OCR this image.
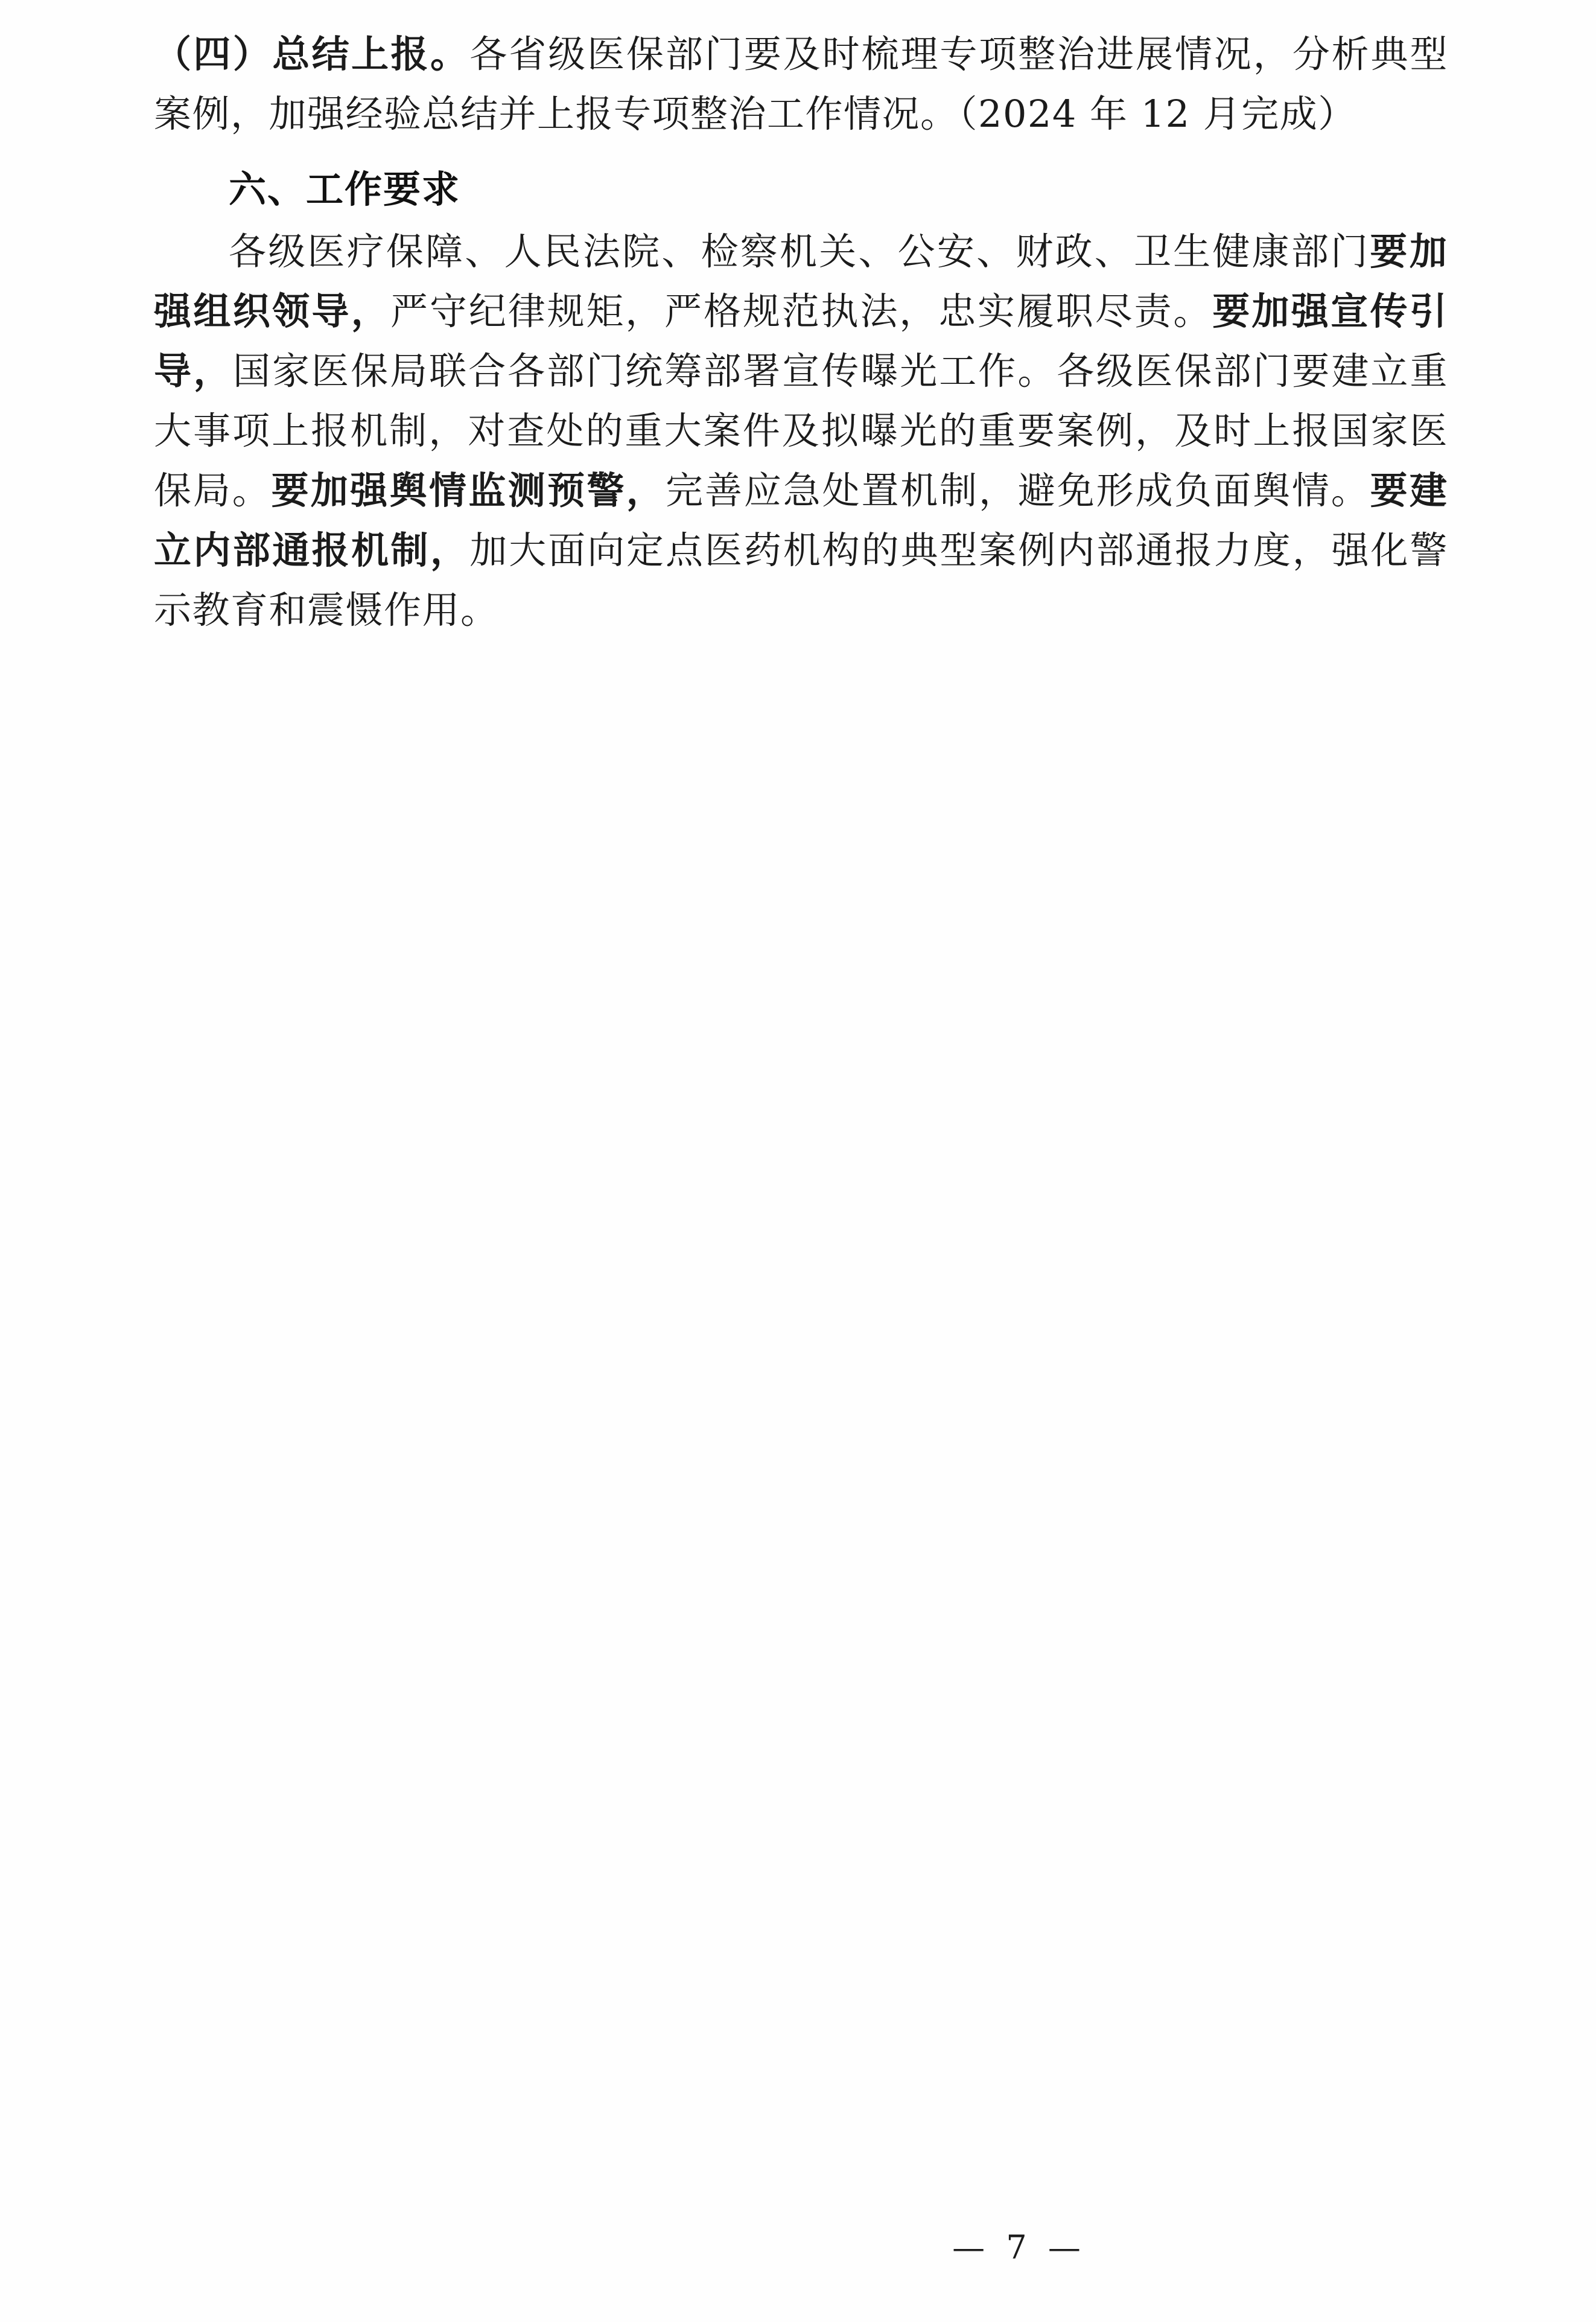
（四）总结上报。各省级医保部门要及时梳理专项整治进展情况，分析典型案例，加强经验总结并上报专项整治工作情况。（2024 年 12 月完成）

六、工作要求

各级医疗保障、人民法院、检察机关、公安、财政、卫生健康部门要加强组织领导，严守纪律规矩，严格规范执法，忠实履职尽责。要加强宣传引导，国家医保局联合各部门统筹部署宣传曝光工作。各级医保部门要建立重大事项上报机制，对查处的重大案件及拟曝光的重要案例，及时上报国家医保局。要加强舆情监测预警，完善应急处置机制，避免形成负面舆情。要建立内部通报机制，加大面向定点医药机构的典型案例内部通报力度，强化警示教育和震慑作用。

— 7 —
